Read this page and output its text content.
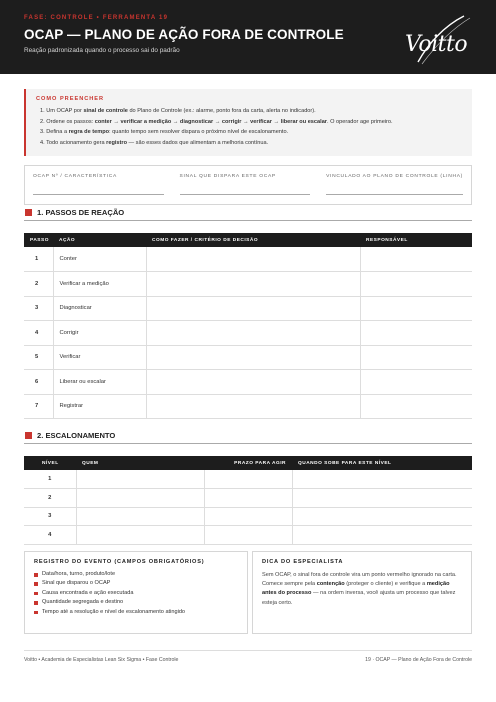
FASE: CONTROLE • FERRAMENTA 19
OCAP — PLANO DE AÇÃO FORA DE CONTROLE
Reação padronizada quando o processo sai do padrão	Voitto
COMO PREENCHER
1. Um OCAP por sinal de controle do Plano de Controle (ex.: alarme, ponto fora da carta, alerta no indicador).
2. Ordene os passos: conter → verificar a medição → diagnosticar → corrigir → verificar → liberar ou escalar. O operador age primeiro.
3. Defina a regra de tempo: quanto tempo sem resolver dispara o próximo nível de escalonamento.
4. Todo acionamento gera registro — são esses dados que alimentam a melhoria contínua.
OCAP Nº / CARACTERÍSTICA	SINAL QUE DISPARA ESTE OCAP	VINCULADO AO PLANO DE CONTROLE (LINHA)
1. PASSOS DE REAÇÃO
PASSO	AÇÃO	COMO FAZER / CRITÉRIO DE DECISÃO	RESPONSÁVEL
1	Conter		
2	Verificar a medição		
3	Diagnosticar		
4	Corrigir		
5	Verificar		
6	Liberar ou escalar		
7	Registrar		
2. ESCALONAMENTO
NÍVEL	QUEM	PRAZO PARA AGIR	QUANDO SOBE PARA ESTE NÍVEL
1			
2			
3			
4			
REGISTRO DO EVENTO (CAMPOS OBRIGATÓRIOS)
Data/hora, turno, produto/lote
Sinal que disparou o OCAP
Causa encontrada e ação executada
Quantidade segregada e destino
Tempo até a resolução e nível de escalonamento atingido
DICA DO ESPECIALISTA
Sem OCAP, o sinal fora de controle vira um ponto vermelho ignorado na carta. Comece sempre pela contenção (proteger o cliente) e verifique a medição antes do processo — na ordem inversa, você ajusta um processo que talvez esteja certo.
Voitto • Academia de Especialistas Lean Six Sigma • Fase Controle	19 · OCAP — Plano de Ação Fora de Controle
